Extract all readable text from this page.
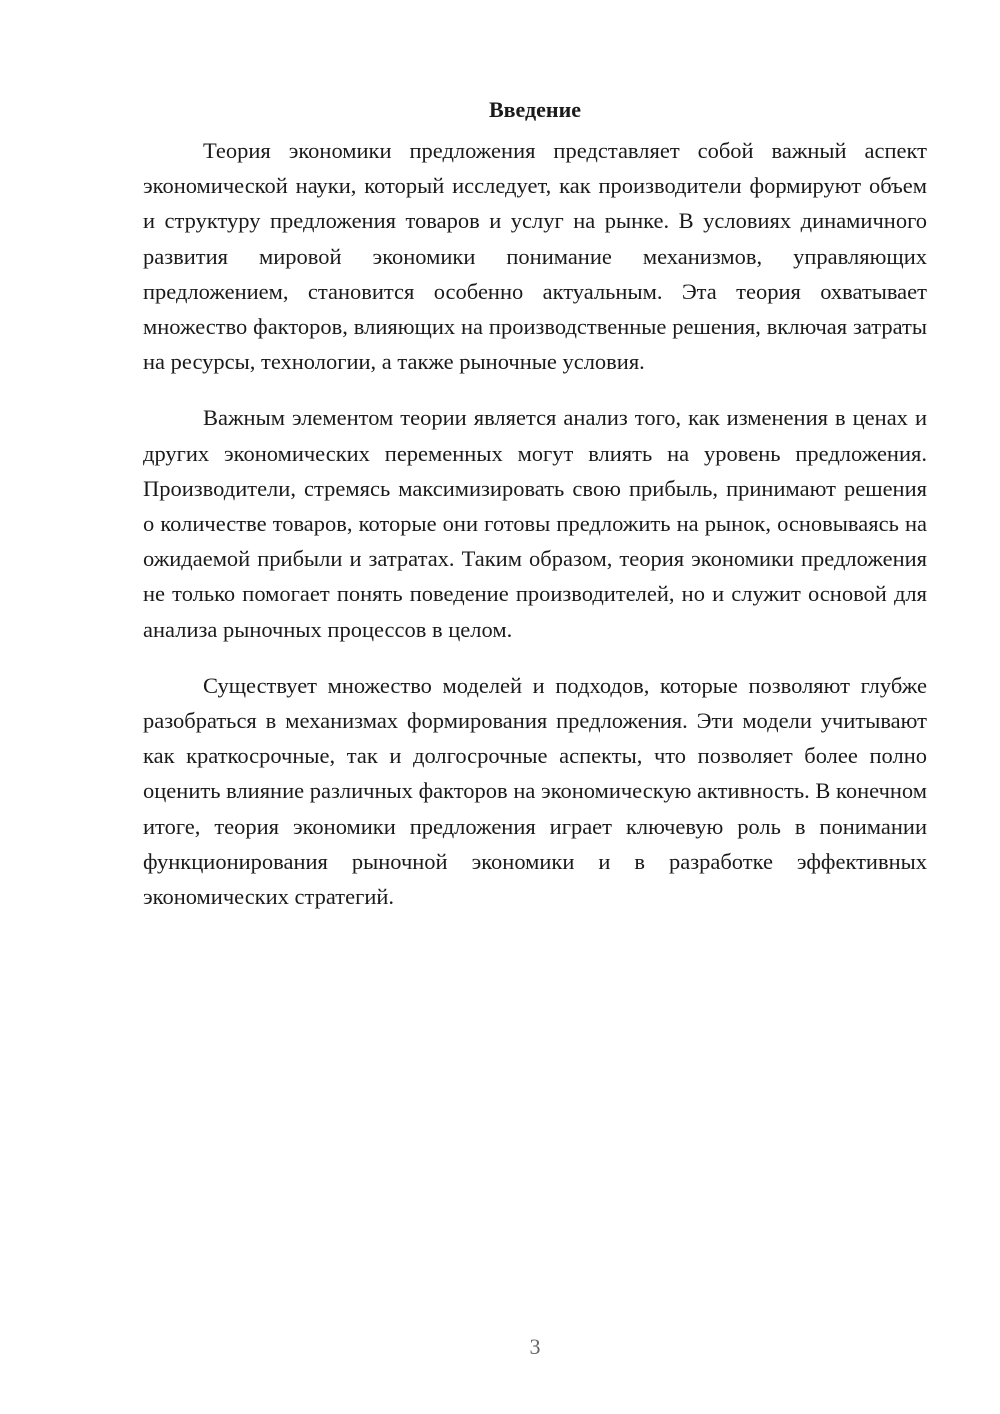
Введение

Теория экономики предложения представляет собой важный аспект экономической науки, который исследует, как производители формируют объем и структуру предложения товаров и услуг на рынке. В условиях динамичного развития мировой экономики понимание механизмов, управляющих предложением, становится особенно актуальным. Эта теория охватывает множество факторов, влияющих на производственные решения, включая затраты на ресурсы, технологии, а также рыночные условия.

Важным элементом теории является анализ того, как изменения в ценах и других экономических переменных могут влиять на уровень предложения. Производители, стремясь максимизировать свою прибыль, принимают решения о количестве товаров, которые они готовы предложить на рынок, основываясь на ожидаемой прибыли и затратах. Таким образом, теория экономики предложения не только помогает понять поведение производителей, но и служит основой для анализа рыночных процессов в целом.

Существует множество моделей и подходов, которые позволяют глубже разобраться в механизмах формирования предложения. Эти модели учитывают как краткосрочные, так и долгосрочные аспекты, что позволяет более полно оценить влияние различных факторов на экономическую активность. В конечном итоге, теория экономики предложения играет ключевую роль в понимании функционирования рыночной экономики и в разработке эффективных экономических стратегий.

3
